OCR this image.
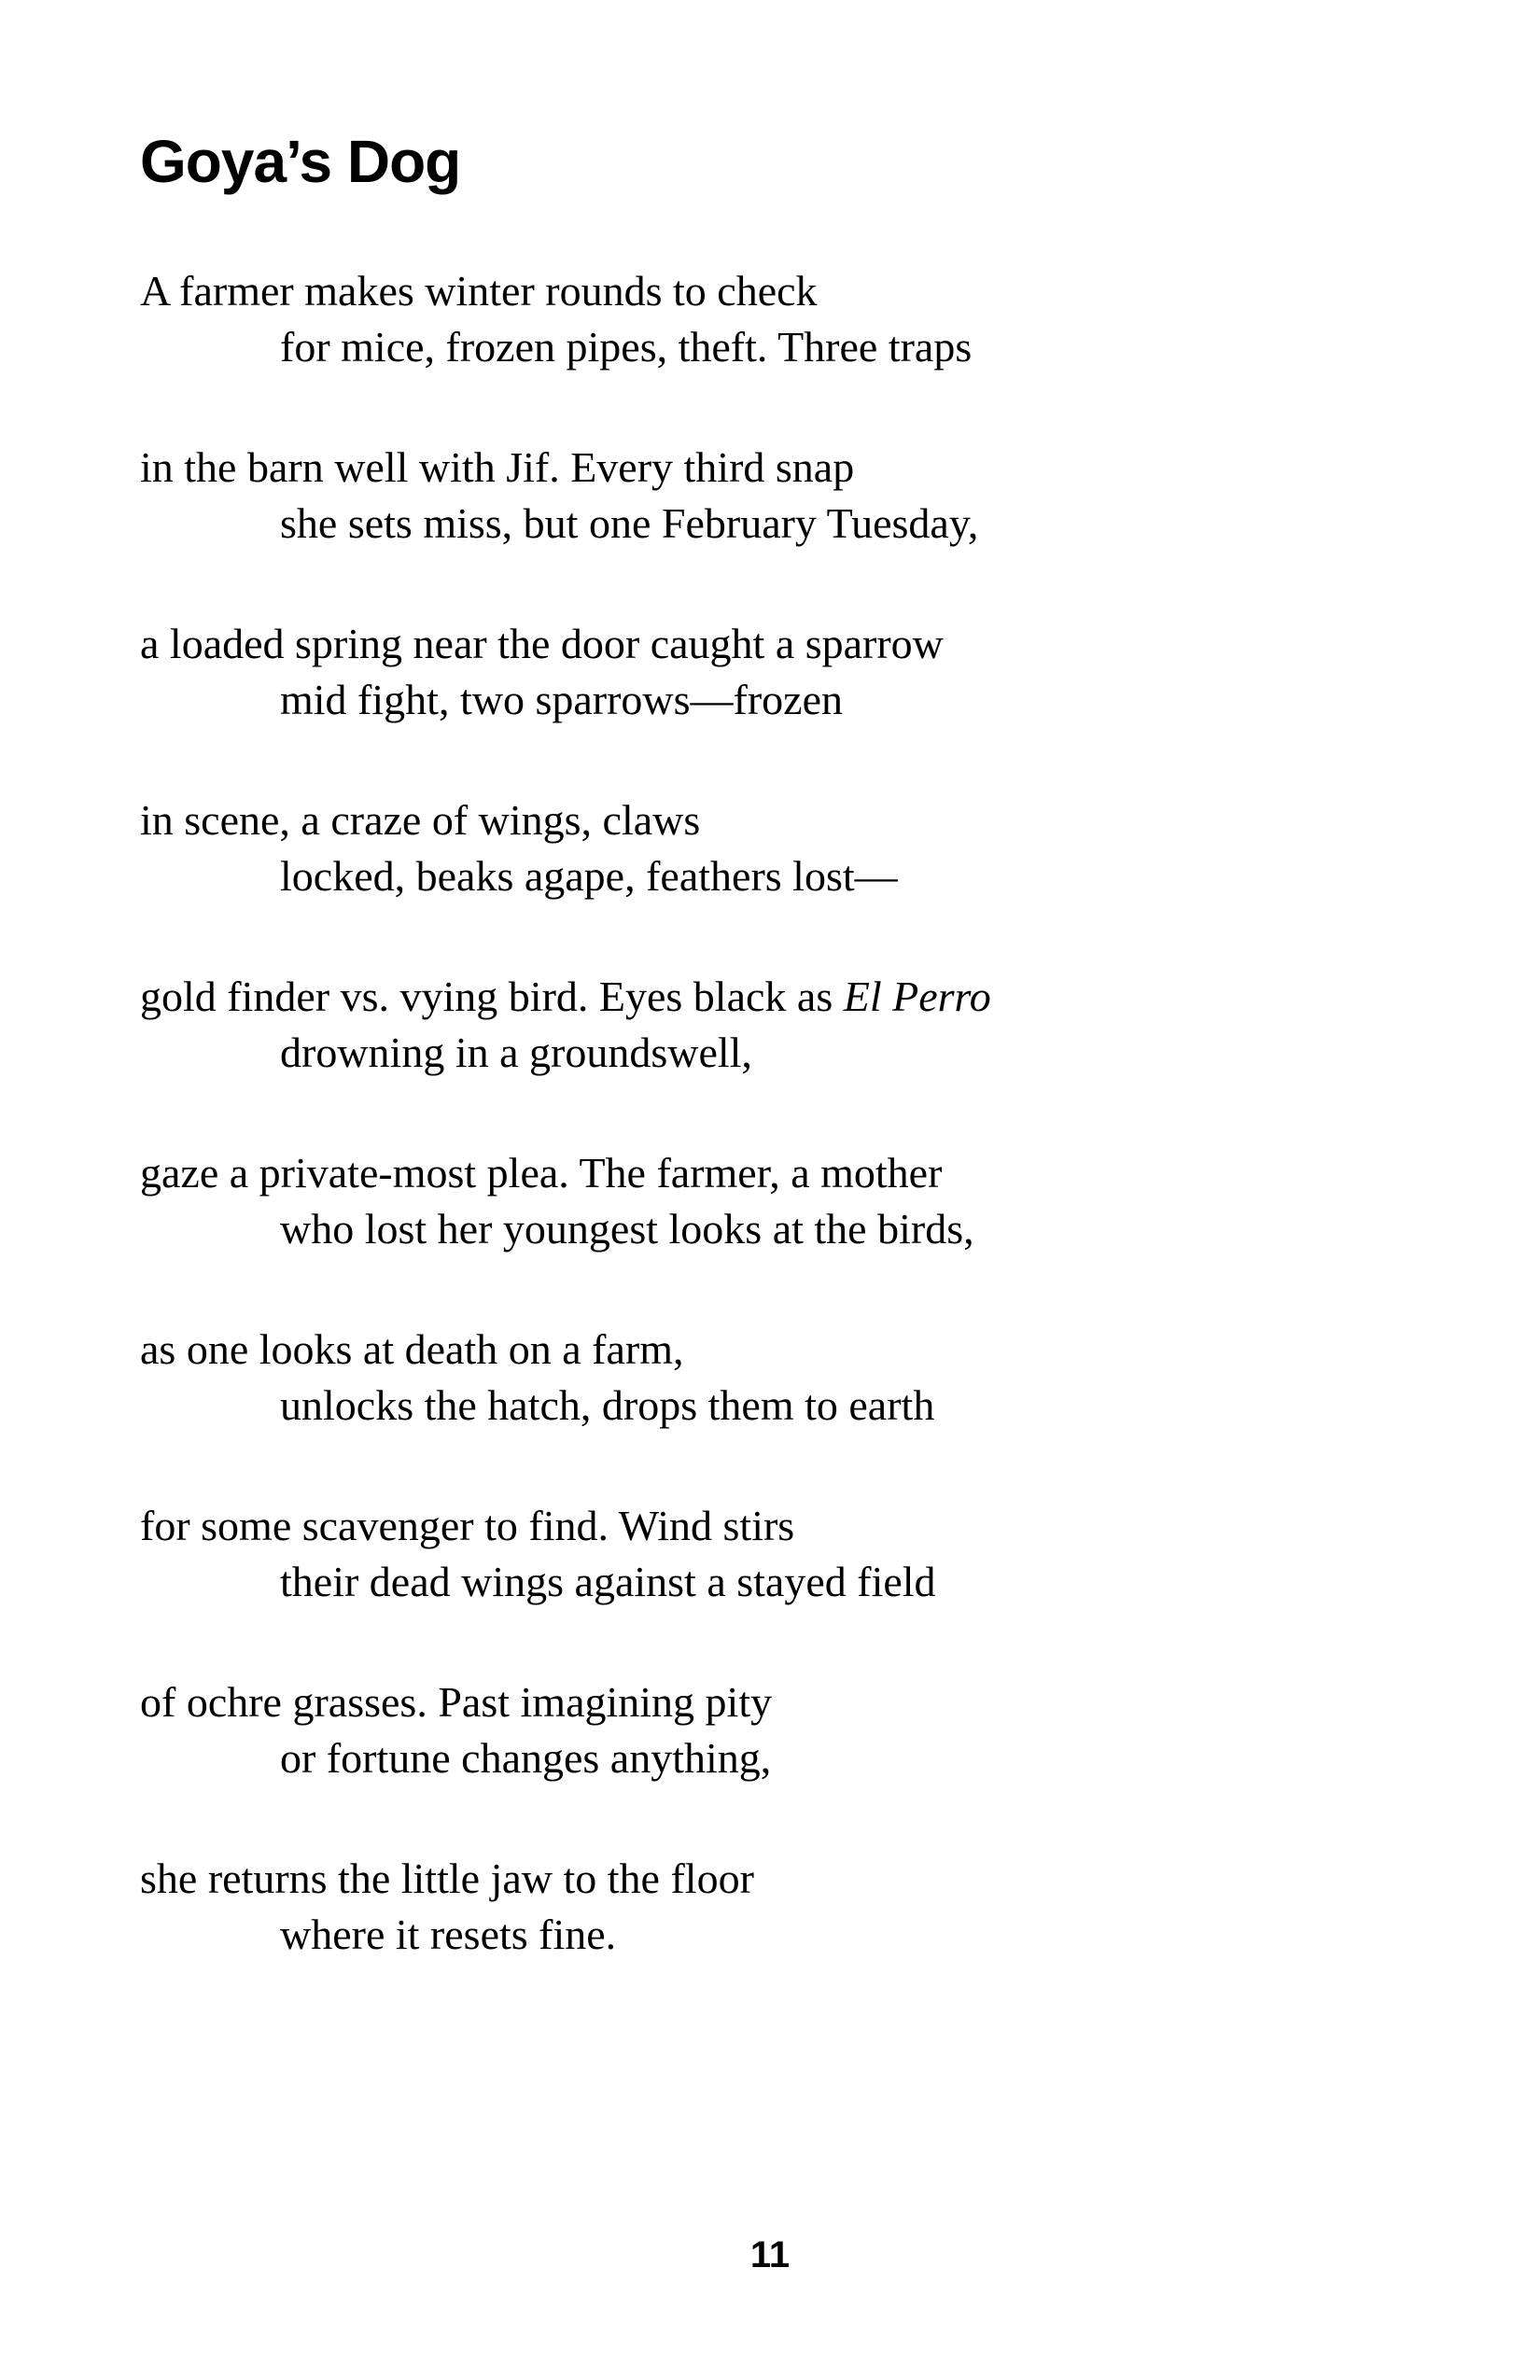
Goya’s Dog

A farmer makes winter rounds to check

for mice, frozen pipes, theft. Three traps

in the barn well with Jif. Every third snap

she sets miss, but one February Tuesday,

a loaded spring near the door caught a sparrow

mid fight, two sparrows—frozen

in scene, a craze of wings, claws

locked, beaks agape, feathers lost—

gold finder vs. vying bird. Eyes black as El Perro

drowning in a groundswell,

gaze a private-most plea. The farmer, a mother

who lost her youngest looks at the birds,

as one looks at death on a farm,

unlocks the hatch, drops them to earth

for some scavenger to find. Wind stirs

their dead wings against a stayed field

of ochre grasses. Past imagining pity

or fortune changes anything,

she returns the little jaw to the floor

where it resets fine.

11
